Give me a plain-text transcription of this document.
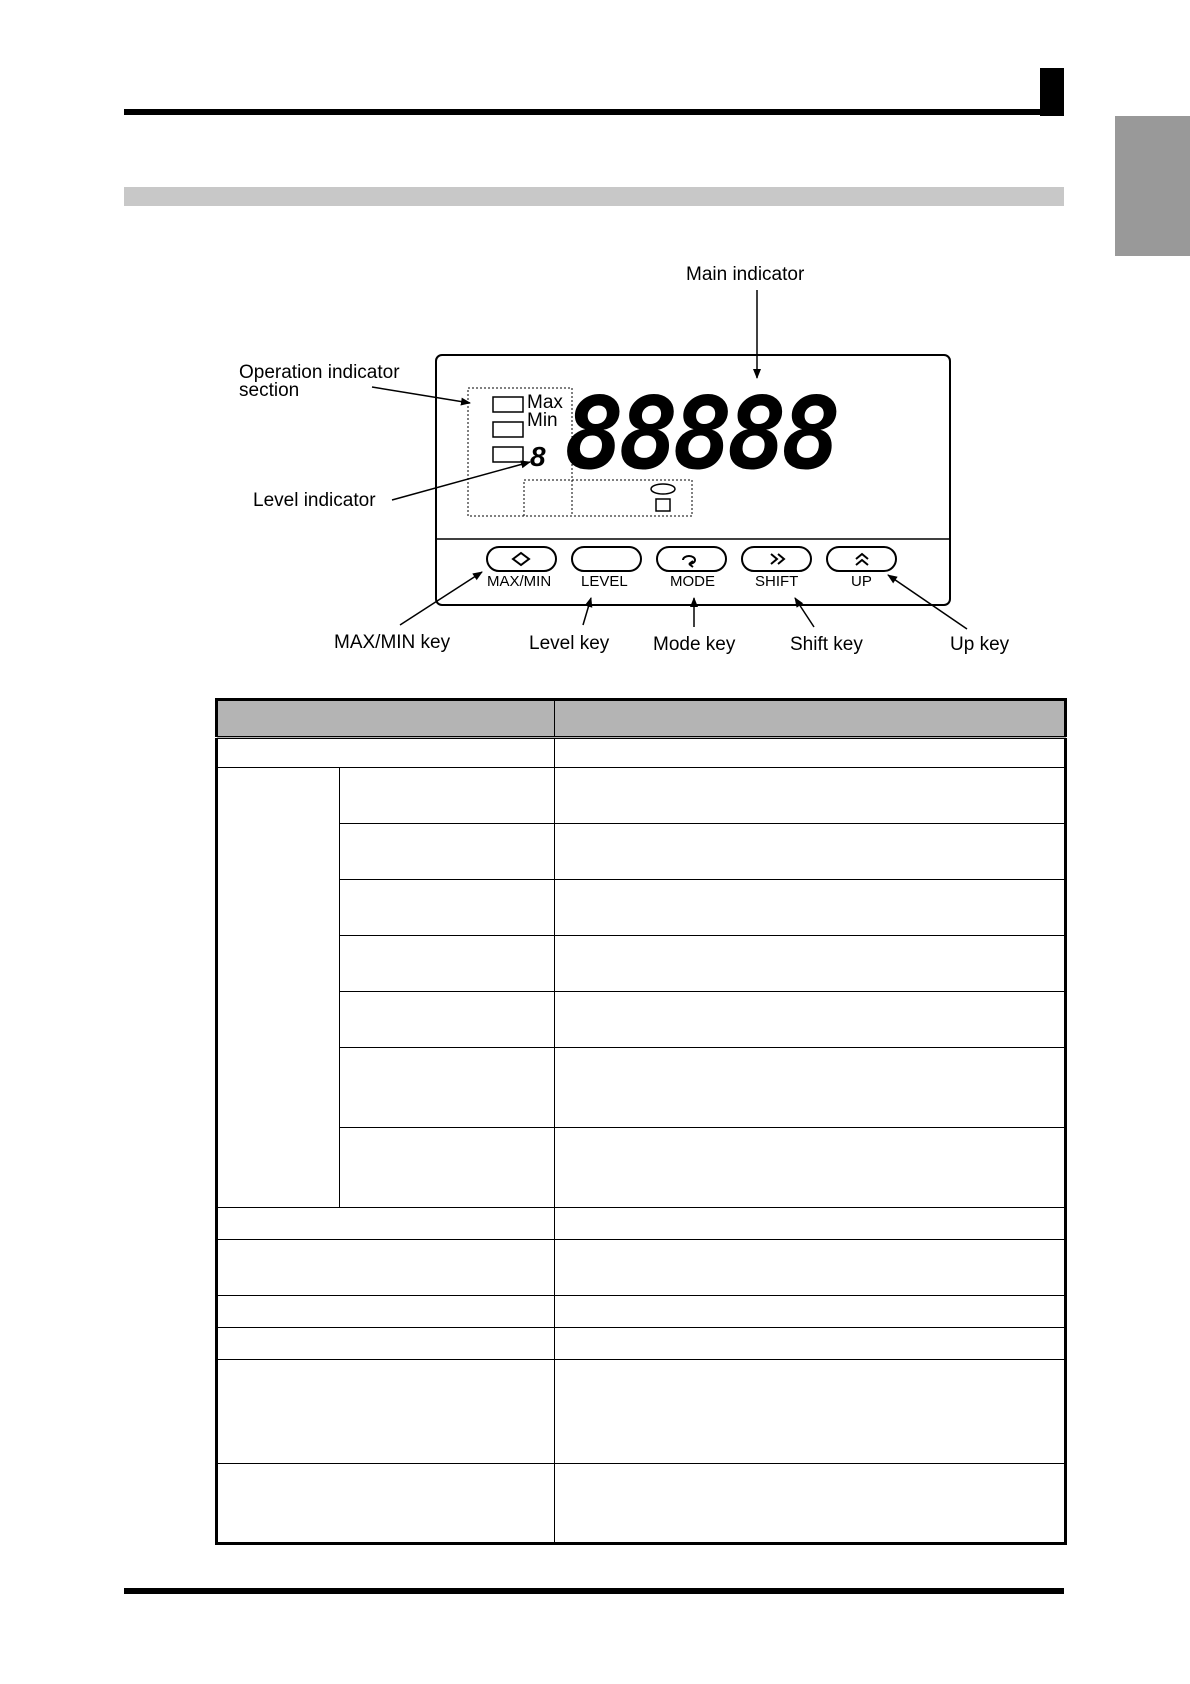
Main indicator
Operation indicator
section
Level indicator
MAX/MIN key	Level key Mode key	Shift key	Up key
Max
Min
8 88888
MAX/MIN LEVEL	MODE	SHIFT	UP
